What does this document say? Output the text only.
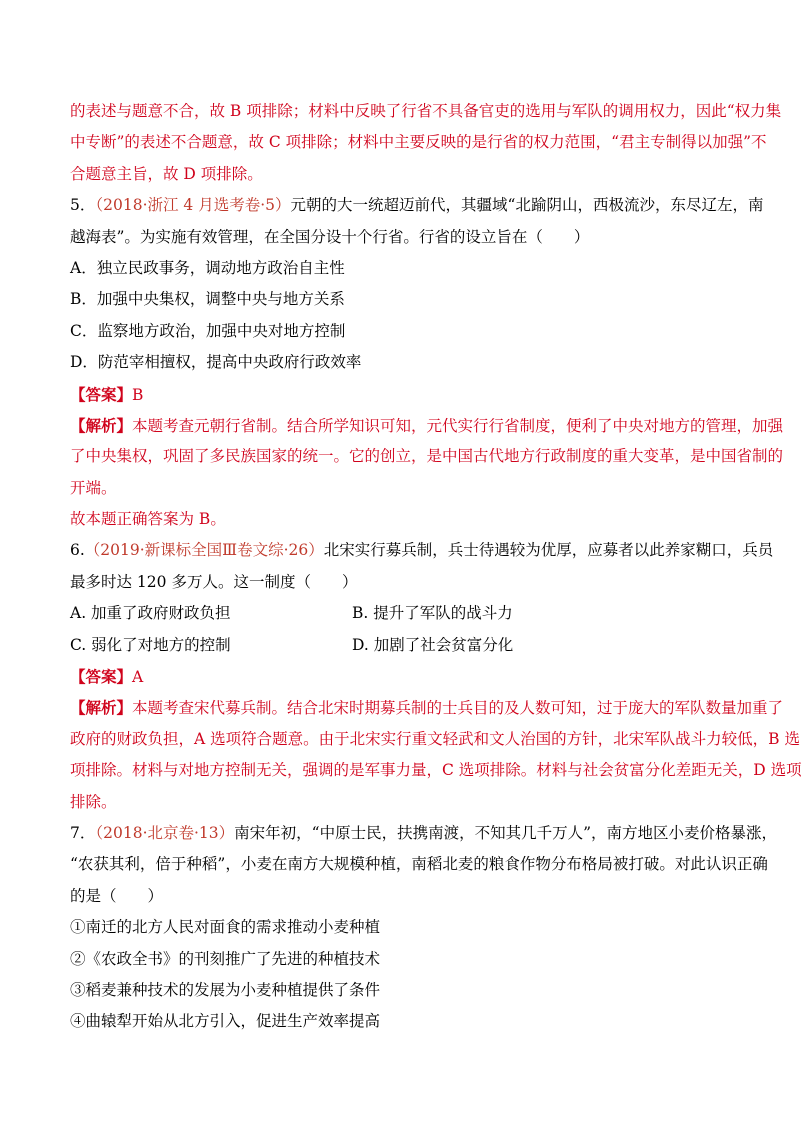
的表述与题意不合，故 B 项排除；材料中反映了行省不具备官吏的选用与军队的调用权力，因此“权力集
中专断”的表述不合题意，故 C 项排除；材料中主要反映的是行省的权力范围，“君主专制得以加强”不
合题意主旨，故 D 项排除。
5．（2018·浙江 4 月选考卷·5）元朝的大一统超迈前代，其疆域“北踰阴山，西极流沙，东尽辽左，南
越海表”。为实施有效管理，在全国分设十个行省。行省的设立旨在（　　）
A．独立民政事务，调动地方政治自主性
B．加强中央集权，调整中央与地方关系
C．监察地方政治，加强中央对地方控制
D．防范宰相擅权，提高中央政府行政效率
【答案】B
【解析】本题考查元朝行省制。结合所学知识可知，元代实行行省制度，便利了中央对地方的管理，加强
了中央集权，巩固了多民族国家的统一。它的创立，是中国古代地方行政制度的重大变革，是中国省制的
开端。
故本题正确答案为 B。
6.（2019·新课标全国Ⅲ卷文综·26）北宋实行募兵制，兵士待遇较为优厚，应募者以此养家糊口，兵员
最多时达 120 多万人。这一制度（　　）
A. 加重了政府财政负担	B. 提升了军队的战斗力
C. 弱化了对地方的控制	D. 加剧了社会贫富分化
【答案】A
【解析】本题考查宋代募兵制。结合北宋时期募兵制的士兵目的及人数可知，过于庞大的军队数量加重了
政府的财政负担，A 选项符合题意。由于北宋实行重文轻武和文人治国的方针，北宋军队战斗力较低，B 选
项排除。材料与对地方控制无关，强调的是军事力量，C 选项排除。材料与社会贫富分化差距无关，D 选项
排除。
7．（2018·北京卷·13）南宋年初，“中原士民，扶携南渡，不知其几千万人”，南方地区小麦价格暴涨，
“农获其利，倍于种稻”，小麦在南方大规模种植，南稻北麦的粮食作物分布格局被打破。对此认识正确
的是（　　）
①南迁的北方人民对面食的需求推动小麦种植
②《农政全书》的刊刻推广了先进的种植技术
③稻麦兼种技术的发展为小麦种植提供了条件
④曲辕犁开始从北方引入，促进生产效率提高
